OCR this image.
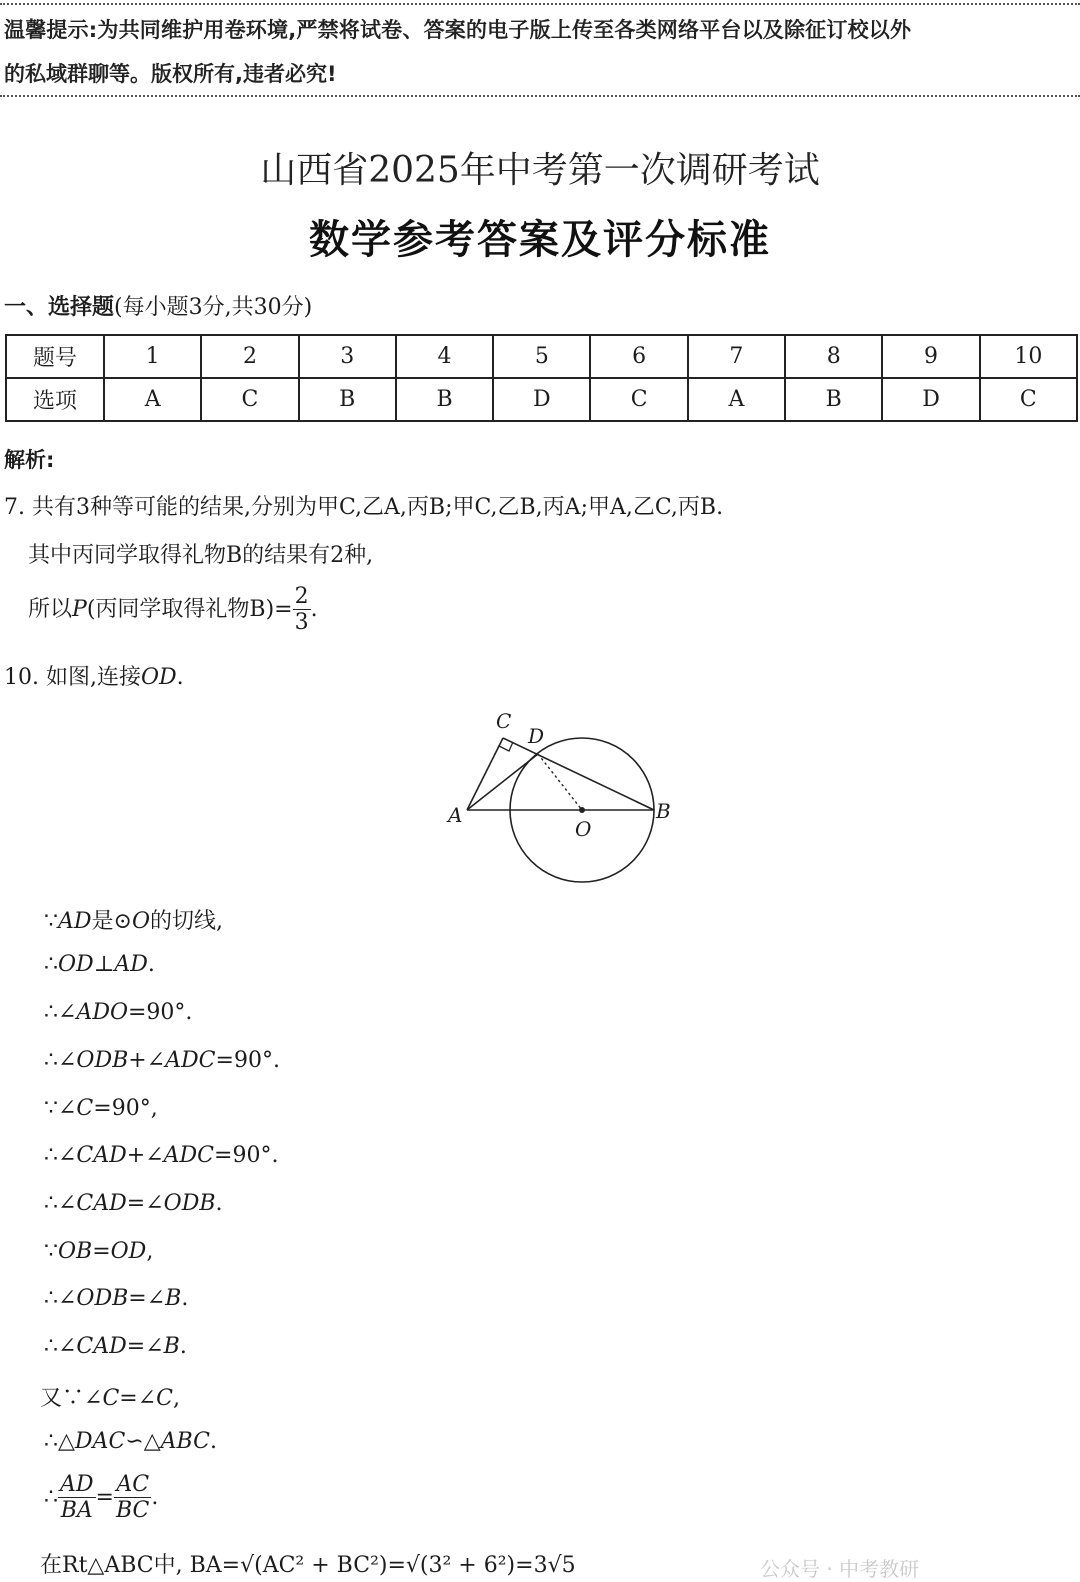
温馨提示:为共同维护用卷环境,严禁将试卷、答案的电子版上传至各类网络平台以及除征订校以外
的私域群聊等。版权所有,违者必究!
山西省2025年中考第一次调研考试
数学参考答案及评分标准
一、选择题(每小题3分,共30分)
题号	1	2	3	4	5	6	7	8	9	10
选项	A	C	B	B	D	C	A	B	D	C
解析:
7. 共有3种等可能的结果,分别为甲C,乙A,丙B;甲C,乙B,丙A;甲A,乙C,丙B.
其中丙同学取得礼物B的结果有2种,
所以P(丙同学取得礼物$B)= \frac{2}{3}$ .
10. 如图,连接OD.
C
D
A	B
O
∵AD是⊙O的切线,
∴OD⊥AD.
∴∠ADO=90°.
∴∠ODB+∠ADC=90°.
∵∠C=90°,
∴∠CAD+∠ADC=90°.
∴∠CAD=∠ODB.
∵OB=OD,
∴∠ODB=∠B.
∴∠CAD=∠B.
又∵∠C=∠C,
∴△DAC∽△ABC.
∴ $\frac{AD}{BA} = \frac{AC}{BC}$ .
在Rt△ABC中, BA=√(AC² + BC²)=√(3² + 6²)=3√5	公众号 · 中考教研
